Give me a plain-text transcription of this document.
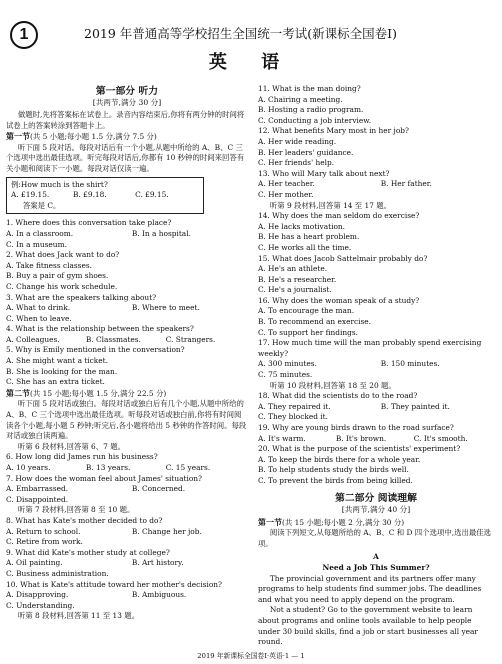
1	2019 年普通高等学校招生全国统一考试(新课标全国卷Ⅰ)
英 语
第一部分 听力
[共两节,满分 30 分]
做题时,先将答案标在试卷上。录音内容结束后,你将有两分钟的时间将试卷上的答案转涂到答题卡上。
第一节(共 5 小题;每小题 1.5 分,满分 7.5 分)
听下面 5 段对话。每段对话后有一个小题,从题中所给的 A、B、C 三个选项中选出最佳选项。听完每段对话后,你都有 10 秒钟的时间来回答有关小题和阅读下一小题。每段对话仅读一遍。
例:How much is the shirt?
A. £19.15.	B. £9.18.	C. £9.15.
答案是 C。
1. Where does this conversation take place?
A. In a classroom.	B. In a hospital.
C. In a museum.
2. What does Jack want to do?
A. Take fitness classes.
B. Buy a pair of gym shoes.
C. Change his work schedule.
3. What are the speakers talking about?
A. What to drink.	B. Where to meet.
C. When to leave.
4. What is the relationship between the speakers?
A. Colleagues.	B. Classmates.	C. Strangers.
5. Why is Emily mentioned in the conversation?
A. She might want a ticket.
B. She is looking for the man.
C. She has an extra ticket.
第二节(共 15 小题;每小题 1.5 分,满分 22.5 分)
听下面 5 段对话或独白。每段对话或独白后有几个小题,从题中所给的 A、B、C 三个选项中选出最佳选项。听每段对话或独白前,你将有时间阅读各个小题,每小题 5 秒钟;听完后,各小题将给出 5 秒钟的作答时间。每段对话或独白读两遍。
听第 6 段材料,回答第 6、7 题。
6. How long did James run his business?
A. 10 years.	B. 13 years.	C. 15 years.
7. How does the woman feel about James' situation?
A. Embarrassed.	B. Concerned.
C. Disappointed.
听第 7 段材料,回答第 8 至 10 题。
8. What has Kate's mother decided to do?
A. Return to school.	B. Change her job.
C. Retire from work.
9. What did Kate's mother study at college?
A. Oil painting.	B. Art history.
C. Business administration.
10. What is Kate's attitude toward her mother's decision?
A. Disapproving.	B. Ambiguous.
C. Understanding.
听第 8 段材料,回答第 11 至 13 题。
11. What is the man doing?
A. Chairing a meeting.
B. Hosting a radio program.
C. Conducting a job interview.
12. What benefits Mary most in her job?
A. Her wide reading.
B. Her leaders' guidance.
C. Her friends' help.
13. Who will Mary talk about next?
A. Her teacher.	B. Her father.
C. Her mother.
听第 9 段材料,回答第 14 至 17 题。
14. Why does the man seldom do exercise?
A. He lacks motivation.
B. He has a heart problem.
C. He works all the time.
15. What does Jacob Sattelmair probably do?
A. He's an athlete.
B. He's a researcher.
C. He's a journalist.
16. Why does the woman speak of a study?
A. To encourage the man.
B. To recommend an exercise.
C. To support her findings.
17. How much time will the man probably spend exercising weekly?
A. 300 minutes.	B. 150 minutes.
C. 75 minutes.
听第 10 段材料,回答第 18 至 20 题。
18. What did the scientists do to the road?
A. They repaired it.	B. They painted it.
C. They blocked it.
19. Why are young birds drawn to the road surface?
A. It's warm.	B. It's brown.	C. It's smooth.
20. What is the purpose of the scientists' experiment?
A. To keep the birds there for a whole year.
B. To help students study the birds well.
C. To prevent the birds from being killed.
第二部分 阅读理解
[共两节,满分 40 分]
第一节(共 15 小题;每小题 2 分,满分 30 分)
阅读下列短文,从每题所给的 A、B、C 和 D 四个选项中,选出最佳选项。
A
Need a Job This Summer?
The provincial government and its partners offer many programs to help students find summer jobs. The deadlines and what you need to apply depend on the program.
Not a student? Go to the government website to learn about programs and online tools available to help people under 30 build skills, find a job or start businesses all year round.
2019 年新课标全国卷Ⅰ·英语·1 — 1
